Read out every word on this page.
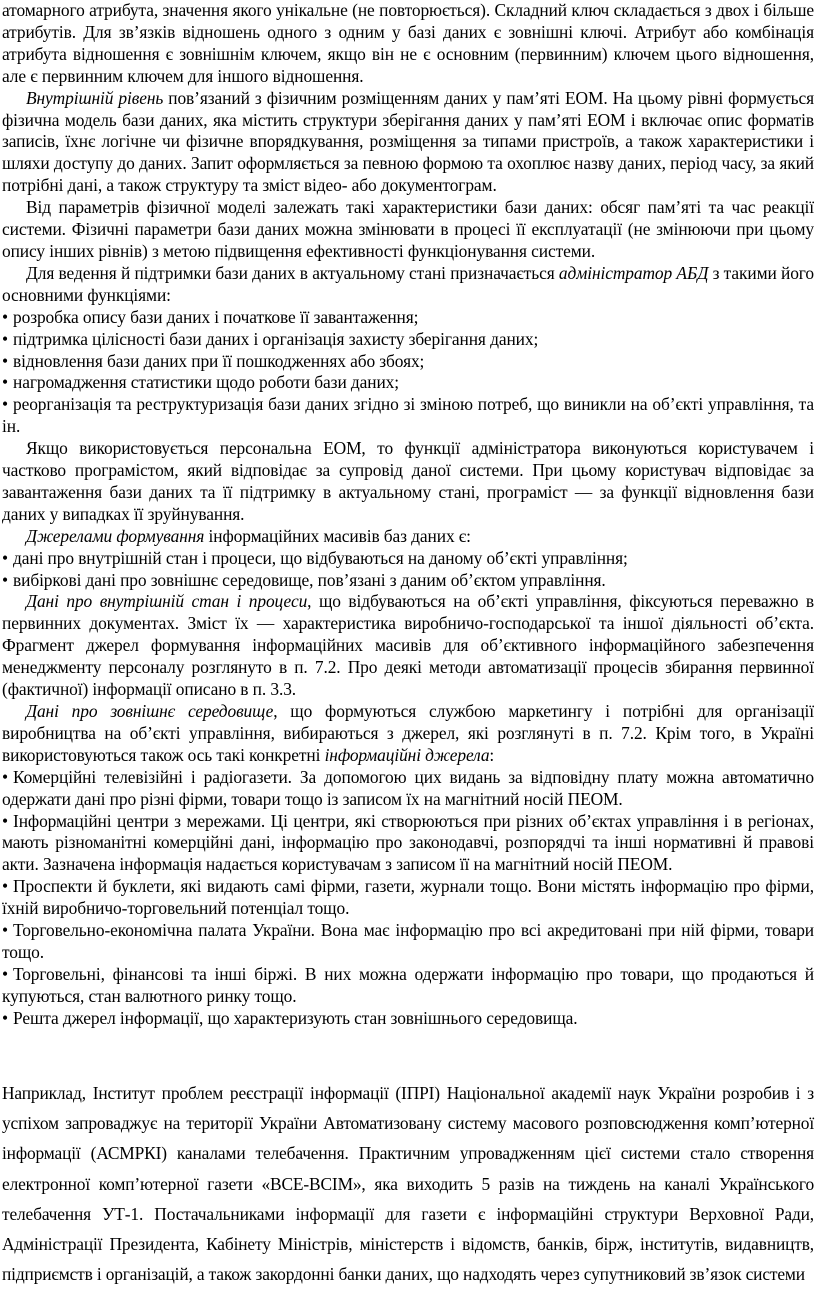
атомарного атрибута, значення якого унікальне (не повторюється). Складний ключ складається з двох і більше атрибутів. Для зв’язків відношень одного з одним у базі даних є зовнішні ключі. Атрибут або комбінація атрибута відношення є зовнішнім ключем, якщо він не є основним (первинним) ключем цього відношення, але є первинним ключем для іншого відношення.

Внутрішній рівень пов’язаний з фізичним розміщенням даних у пам’яті ЕОМ. На цьому рівні формується фізична модель бази даних, яка містить структури зберігання даних у пам’яті ЕОМ і включає опис форматів записів, їхнє логічне чи фізичне впорядкування, розміщення за типами пристроїв, а також характеристики і шляхи доступу до даних. Запит оформляється за певною формою та охоплює назву даних, період часу, за який потрібні дані, а також структуру та зміст відео- або документограм.

Від параметрів фізичної моделі залежать такі характеристики бази даних: обсяг пам’яті та час реакції системи. Фізичні параметри бази даних можна змінювати в процесі її експлуатації (не змінюючи при цьому опису інших рівнів) з метою підвищення ефективності функціонування системи.

Для ведення й підтримки бази даних в актуальному стані призначається адміністратор АБД з такими його основними функціями:

• розробка опису бази даних і початкове її завантаження;

• підтримка цілісності бази даних і організація захисту зберігання даних;

• відновлення бази даних при її пошкодженнях або збоях;

• нагромадження статистики щодо роботи бази даних;

• реорганізація та реструктуризація бази даних згідно зі зміною потреб, що виникли на об’єкті управління, та ін.

Якщо використовується персональна ЕОМ, то функції адміністратора виконуються користувачем і частково програмістом, який відповідає за супровід даної системи. При цьому користувач відповідає за завантаження бази даних та її підтримку в актуальному стані, програміст — за функції відновлення бази даних у випадках її зруйнування.

Джерелами формування інформаційних масивів баз даних є:

• дані про внутрішній стан і процеси, що відбуваються на даному об’єкті управління;

• вибіркові дані про зовнішнє середовище, пов’язані з даним об’єктом управління.

Дані про внутрішній стан і процеси, що відбуваються на об’єкті управління, фіксуються переважно в первинних документах. Зміст їх — характеристика виробничо-господарської та іншої діяльності об’єкта. Фрагмент джерел формування інформаційних масивів для об’єктивного інформаційного забезпечення менеджменту персоналу розглянуто в п. 7.2. Про деякі методи автоматизації процесів збирання первинної (фактичної) інформації описано в п. 3.3.

Дані про зовнішнє середовище, що формуються службою маркетингу і потрібні для організації виробництва на об’єкті управління, вибираються з джерел, які розглянуті в п. 7.2. Крім того, в Україні використовуються також ось такі конкретні інформаційні джерела:

• Комерційні телевізійні і радіогазети. За допомогою цих видань за відповідну плату можна автоматично одержати дані про різні фірми, товари тощо із записом їх на магнітний носій ПЕОМ.

• Інформаційні центри з мережами. Ці центри, які створюються при різних об’єктах управління і в регіонах, мають різноманітні комерційні дані, інформацію про законодавчі, розпорядчі та інші нормативні й правові акти. Зазначена інформація надається користувачам з записом її на магнітний носій ПЕОМ.

• Проспекти й буклети, які видають самі фірми, газети, журнали тощо. Вони містять інформацію про фірми, їхній виробничо-торговельний потенціал тощо.

• Торговельно-економічна палата України. Вона має інформацію про всі акредитовані при ній фірми, товари тощо.

• Торговельні, фінансові та інші біржі. В них можна одержати інформацію про товари, що продаються й купуються, стан валютного ринку тощо.

• Решта джерел інформації, що характеризують стан зовнішнього середовища.

Наприклад, Інститут проблем реєстрації інформації (ІПРІ) Національної академії наук України розробив і з успіхом запроваджує на території України Автоматизовану систему масового розповсюдження комп’ютерної інформації (АСМРКІ) каналами телебачення. Практичним упровадженням цієї системи стало створення електронної комп’ютерної газети «ВСЕ-ВСІМ», яка виходить 5 разів на тиждень на каналі Українського телебачення УТ-1. Постачальниками інформації для газети є інформаційні структури Верховної Ради, Адміністрації Президента, Кабінету Міністрів, міністерств і відомств, банків, бірж, інститутів, видавництв, підприємств і організацій, а також закордонні банки даних, що надходять через супутниковий зв’язок системи
